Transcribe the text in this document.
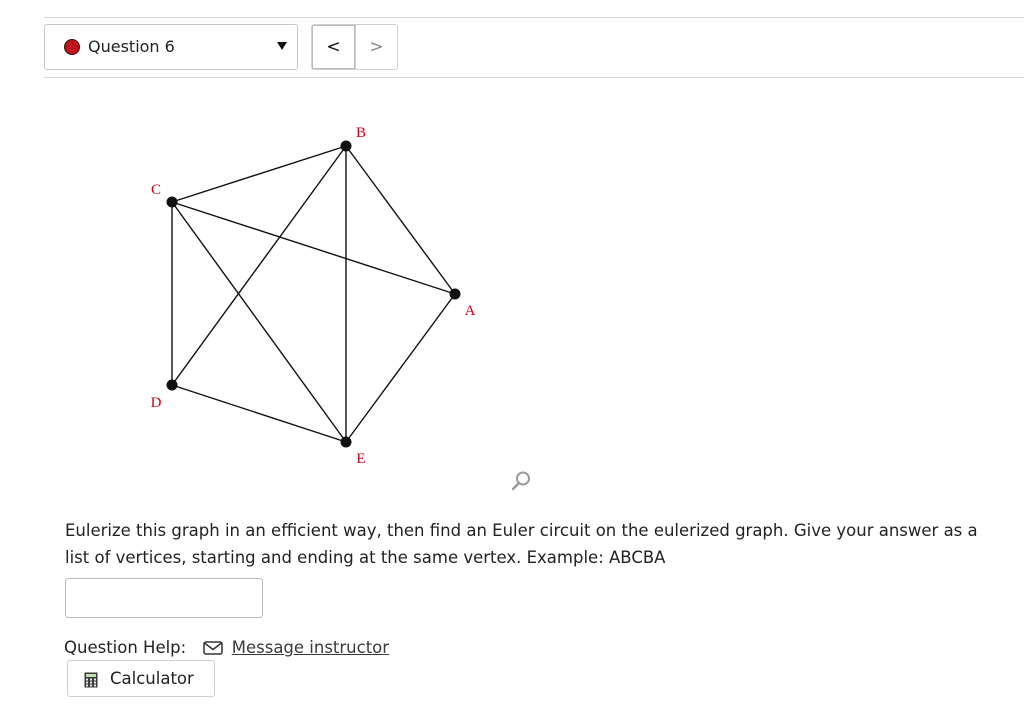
Question 6	<	>
A
B
C
D
E
Eulerize this graph in an efficient way, then find an Euler circuit on the eulerized graph. Give your answer as a list of vertices, starting and ending at the same vertex. Example: ABCBA
Question Help:	Message instructor
Calculator
